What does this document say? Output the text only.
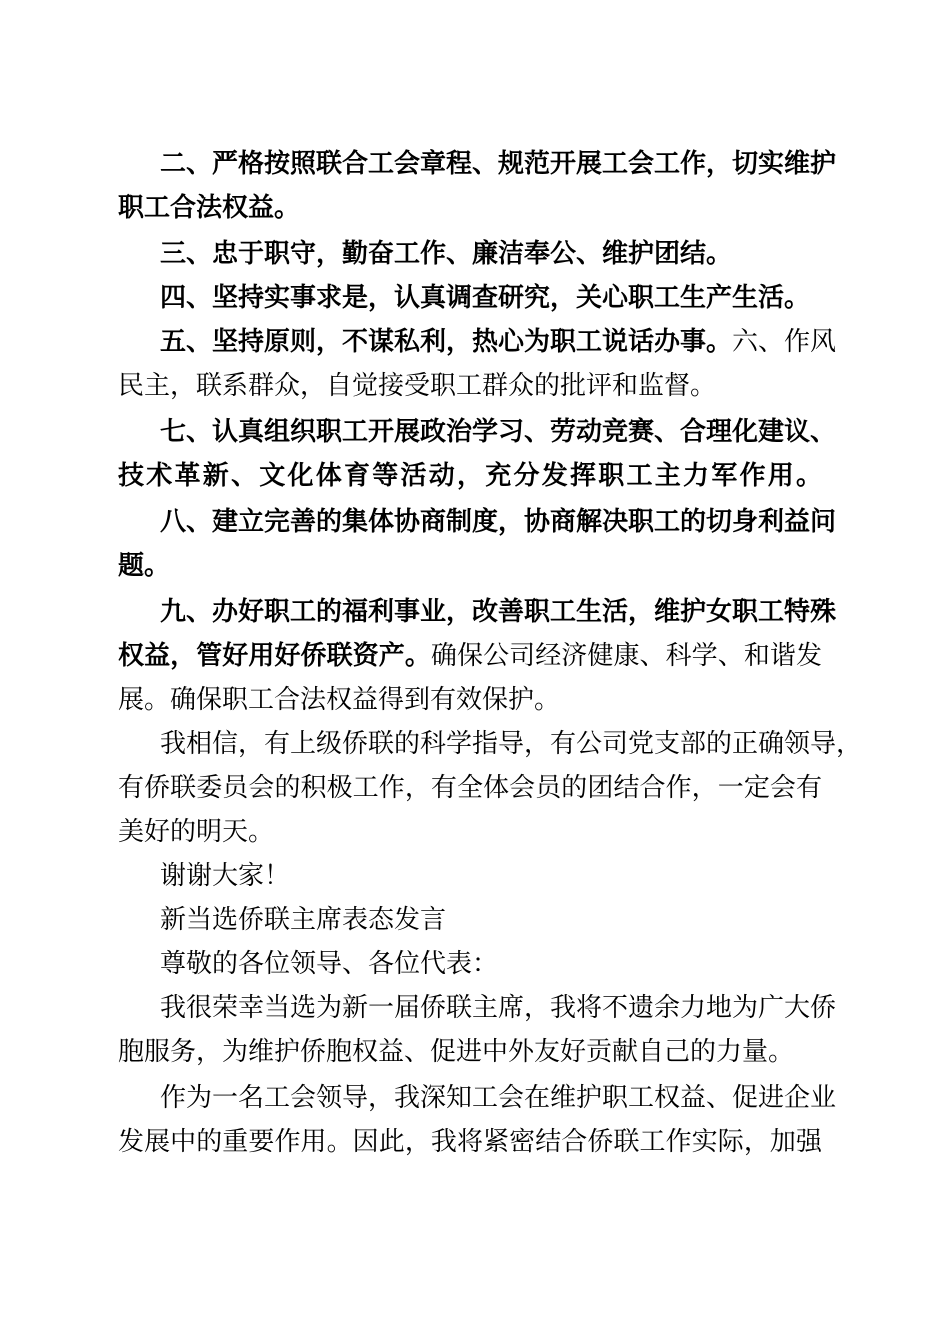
二、严格按照联合工会章程、规范开展工会工作，切实维护
职工合法权益。
三、忠于职守，勤奋工作、廉洁奉公、维护团结。
四、坚持实事求是，认真调查研究，关心职工生产生活。
五、坚持原则，不谋私利，热心为职工说话办事。六、作风
民主，联系群众，自觉接受职工群众的批评和监督。
七、认真组织职工开展政治学习、劳动竞赛、合理化建议、
技术革新、文化体育等活动，充分发挥职工主力军作用。
八、建立完善的集体协商制度，协商解决职工的切身利益问
题。
九、办好职工的福利事业，改善职工生活，维护女职工特殊
权益，管好用好侨联资产。确保公司经济健康、科学、和谐发
展。确保职工合法权益得到有效保护。
我相信，有上级侨联的科学指导，有公司党支部的正确领导，
有侨联委员会的积极工作，有全体会员的团结合作，一定会有
美好的明天。
谢谢大家！
新当选侨联主席表态发言
尊敬的各位领导、各位代表：
我很荣幸当选为新一届侨联主席，我将不遗余力地为广大侨
胞服务，为维护侨胞权益、促进中外友好贡献自己的力量。
作为一名工会领导，我深知工会在维护职工权益、促进企业
发展中的重要作用。因此，我将紧密结合侨联工作实际，加强
